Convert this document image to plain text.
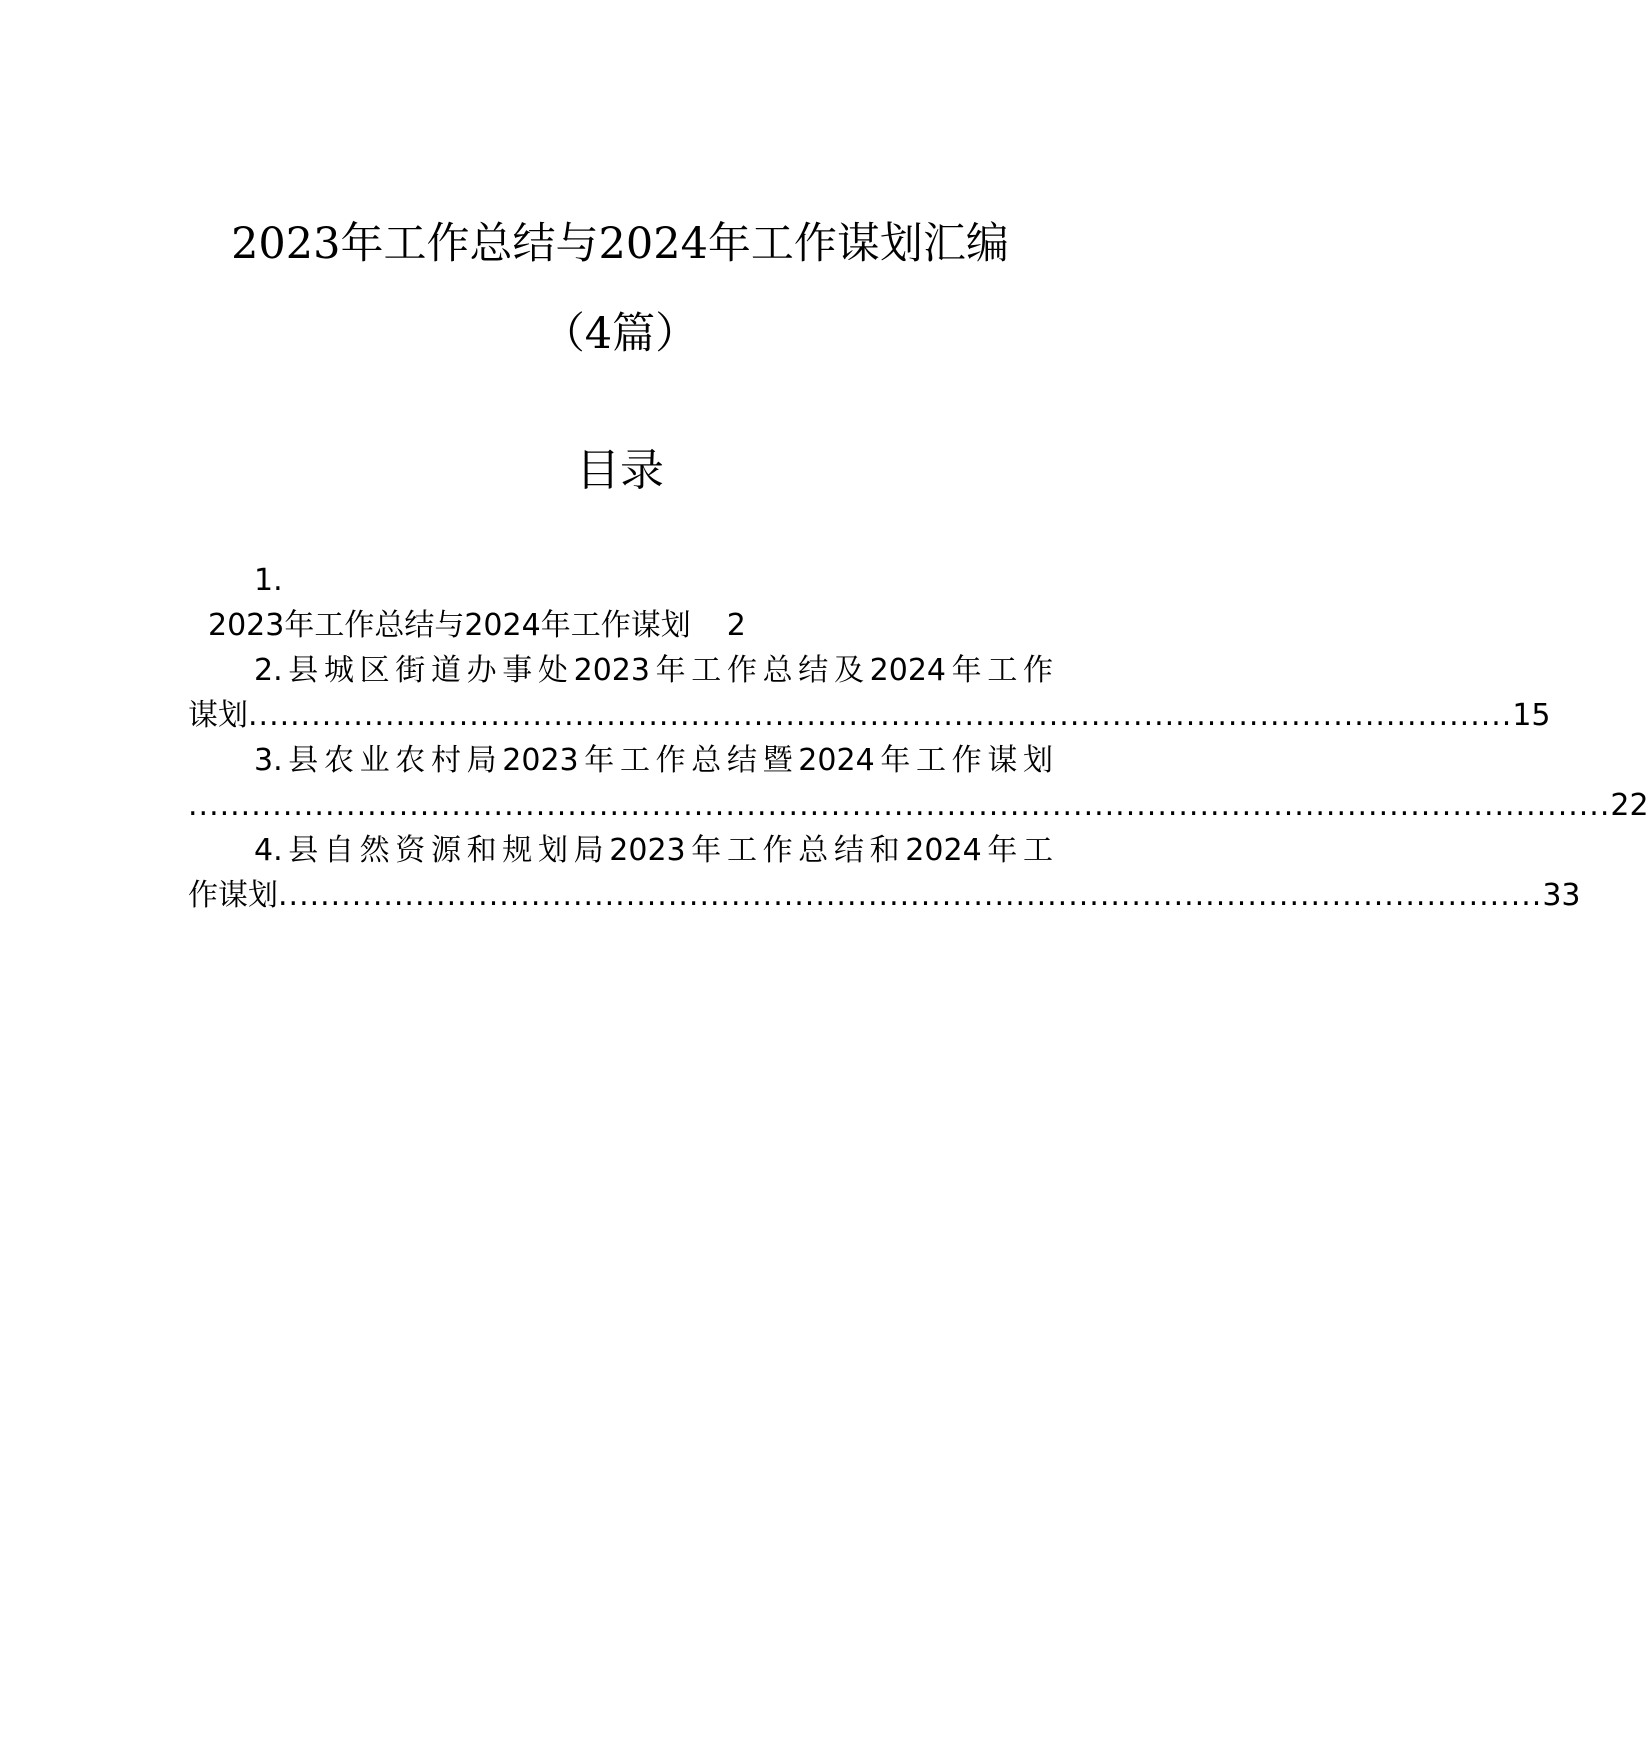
2023年工作总结与2024年工作谋划汇编
（4篇）
目录
1.
2023年工作总结与2024年工作谋划 2
2.县城区街道办事处2023年工作总结及2024年工作
谋划 ........................................................................................................................ 15
3.县农业农村局2023年工作总结暨2024年工作谋划
....................................................................................................................................... 22
4.县自然资源和规划局2023年工作总结和2024年工
作谋划 ........................................................................................................................ 33
